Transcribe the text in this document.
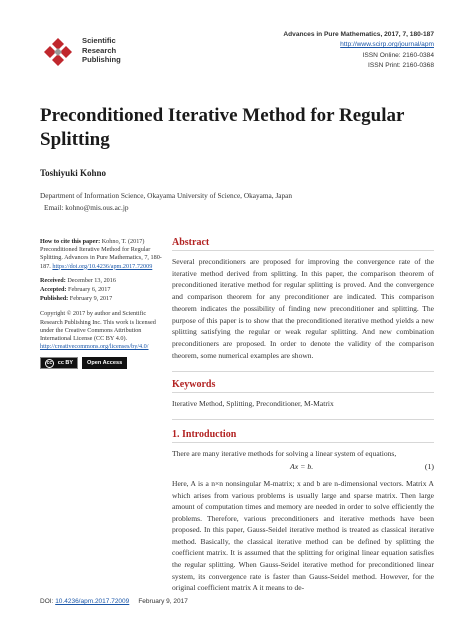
Scientific
Research
Publishing
Advances in Pure Mathematics, 2017, 7, 180-187
http://www.scirp.org/journal/apm
ISSN Online: 2160-0384
ISSN Print: 2160-0368
Preconditioned Iterative Method for Regular Splitting
Toshiyuki Kohno
Department of Information Science, Okayama University of Science, Okayama, Japan
Email: kohno@mis.ous.ac.jp

How to cite this paper: Kohno, T. (2017) Preconditioned Iterative Method for Regular Splitting. Advances in Pure Mathematics, 7, 180-187. https://doi.org/10.4236/apm.2017.72009

Received: December 13, 2016

Accepted: February 6, 2017

Published: February 9, 2017

Copyright © 2017 by author and Scientific Research Publishing Inc. This work is licensed under the Creative Commons Attribution International License (CC BY 4.0).
http://creativecommons.org/licenses/by/4.0/

cc	cc BY	Open Access
Abstract
Several preconditioners are proposed for improving the convergence rate of the iterative method derived from splitting. In this paper, the comparison theorem of preconditioned iterative method for regular splitting is proved. And the convergence and comparison theorem for any preconditioner are indicated. This comparison theorem indicates the possibility of finding new preconditioner and splitting. The purpose of this paper is to show that the preconditioned iterative method yields a new splitting satisfying the regular or weak regular splitting. And new combination preconditioners are proposed. In order to denote the validity of the comparison theorem, some numerical examples are shown.
Keywords
Iterative Method, Splitting, Preconditioner, M-Matrix
1. Introduction
There are many iterative methods for solving a linear system of equations,
Ax = b.	(1)
Here, A is a n×n nonsingular M-matrix; x and b are n-dimensional vectors. Matrix A which arises from various problems is usually large and sparse matrix. Then large amount of computation times and memory are needed in order to solve efficiently the problems. Therefore, various preconditioners and iterative methods have been proposed. In this paper, Gauss-Seidel iterative method is treated as classical iterative method. Basically, the classical iterative method can be defined by splitting the coefficient matrix. It is assumed that the splitting for original linear equation satisfies the regular splitting. When Gauss-Seidel iterative method for preconditioned linear system, its convergence rate is faster than Gauss-Seidel method. However, for the original coefficient matrix A it means to de-
DOI: 10.4236/apm.2017.72009 February 9, 2017
